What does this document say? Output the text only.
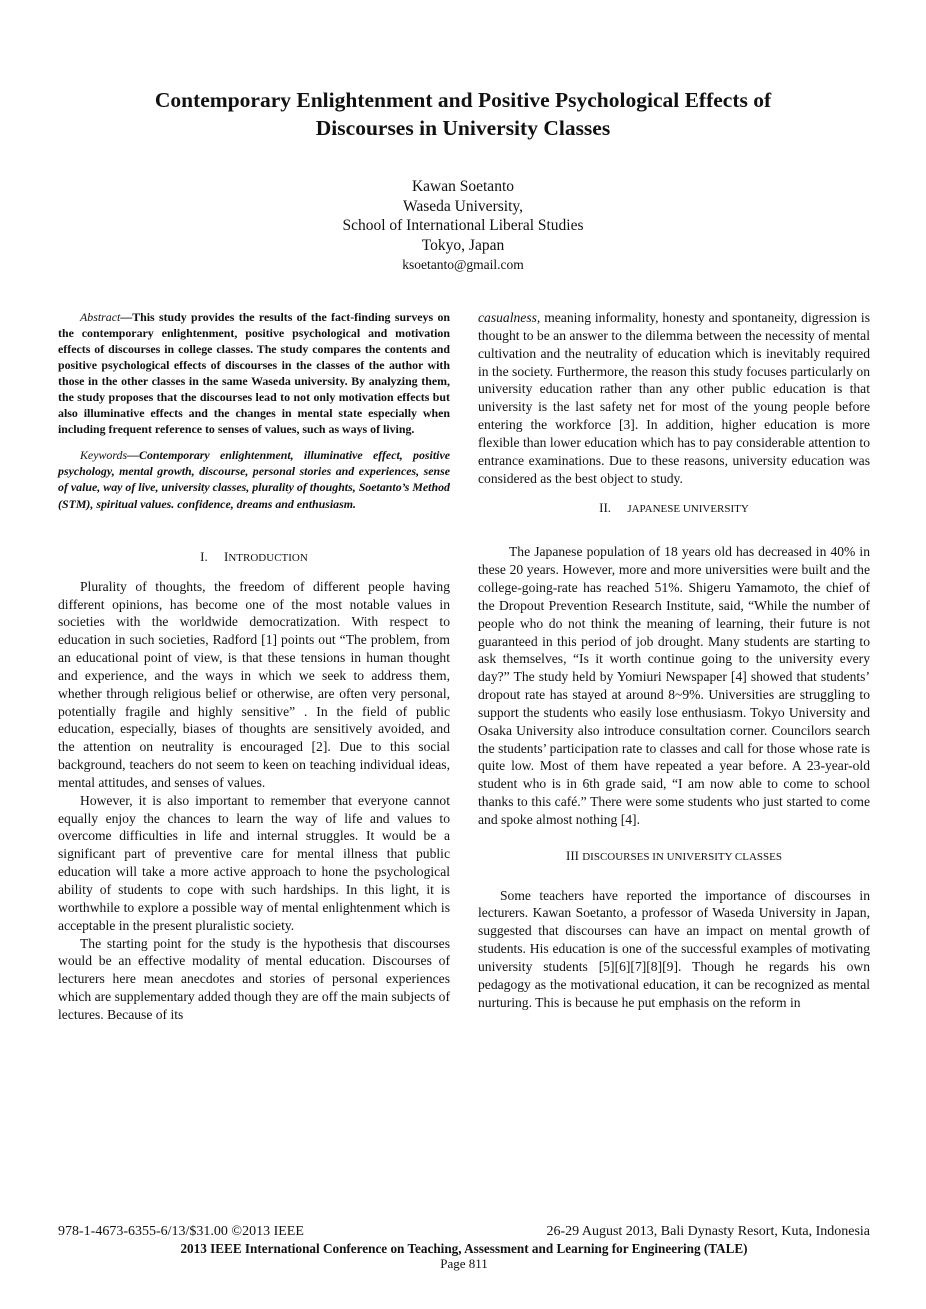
Contemporary Enlightenment and Positive Psychological Effects of
Discourses in University Classes
Kawan Soetanto
Waseda University,
School of International Liberal Studies
Tokyo, Japan
ksoetanto@gmail.com

Abstract—This study provides the results of the fact-finding surveys on the contemporary enlightenment, positive psychological and motivation effects of discourses in college classes. The study compares the contents and positive psychological effects of discourses in the classes of the author with those in the other classes in the same Waseda university. By analyzing them, the study proposes that the discourses lead to not only motivation effects but also illuminative effects and the changes in mental state especially when including frequent reference to senses of values, such as ways of living.

Keywords—Contemporary enlightenment, illuminative effect, positive psychology, mental growth, discourse, personal stories and experiences, sense of value, way of live, university classes, plurality of thoughts, Soetanto’s Method (STM), spiritual values. confidence, dreams and enthusiasm.

I. INTRODUCTION

Plurality of thoughts, the freedom of different people having different opinions, has become one of the most notable values in societies with the worldwide democratization. With respect to education in such societies, Radford [1] points out “The problem, from an educational point of view, is that these tensions in human thought and experience, and the ways in which we seek to address them, whether through religious belief or otherwise, are often very personal, potentially fragile and highly sensitive” . In the field of public education, especially, biases of thoughts are sensitively avoided, and the attention on neutrality is encouraged [2]. Due to this social background, teachers do not seem to keen on teaching individual ideas, mental attitudes, and senses of values.

However, it is also important to remember that everyone cannot equally enjoy the chances to learn the way of life and values to overcome difficulties in life and internal struggles. It would be a significant part of preventive care for mental illness that public education will take a more active approach to hone the psychological ability of students to cope with such hardships. In this light, it is worthwhile to explore a possible way of mental enlightenment which is acceptable in the present pluralistic society.

The starting point for the study is the hypothesis that discourses would be an effective modality of mental education. Discourses of lecturers here mean anecdotes and stories of personal experiences which are supplementary added though they are off the main subjects of lectures. Because of its

casualness, meaning informality, honesty and spontaneity, digression is thought to be an answer to the dilemma between the necessity of mental cultivation and the neutrality of education which is inevitably required in the society. Furthermore, the reason this study focuses particularly on university education rather than any other public education is that university is the last safety net for most of the young people before entering the workforce [3]. In addition, higher education is more flexible than lower education which has to pay considerable attention to entrance examinations. Due to these reasons, university education was considered as the best object to study.

II. JAPANESE UNIVERSITY

The Japanese population of 18 years old has decreased in 40% in these 20 years. However, more and more universities were built and the college-going-rate has reached 51%. Shigeru Yamamoto, the chief of the Dropout Prevention Research Institute, said, “While the number of people who do not think the meaning of learning, their future is not guaranteed in this period of job drought. Many students are starting to ask themselves, “Is it worth continue going to the university every day?” The study held by Yomiuri Newspaper [4] showed that students’ dropout rate has stayed at around 8~9%. Universities are struggling to support the students who easily lose enthusiasm. Tokyo University and Osaka University also introduce consultation corner. Councilors search the students’ participation rate to classes and call for those whose rate is quite low. Most of them have repeated a year before. A 23-year-old student who is in 6th grade said, “I am now able to come to school thanks to this café.” There were some students who just started to come and spoke almost nothing [4].

III DISCOURSES IN UNIVERSITY CLASSES

Some teachers have reported the importance of discourses in lecturers. Kawan Soetanto, a professor of Waseda University in Japan, suggested that discourses can have an impact on mental growth of students. His education is one of the successful examples of motivating university students [5][6][7][8][9]. Though he regards his own pedagogy as the motivational education, it can be recognized as mental nurturing. This is because he put emphasis on the reform in

978-1-4673-6355-6/13/$31.00 ©2013 IEEE	26-29 August 2013, Bali Dynasty Resort, Kuta, Indonesia
2013 IEEE International Conference on Teaching, Assessment and Learning for Engineering (TALE)
Page 811
